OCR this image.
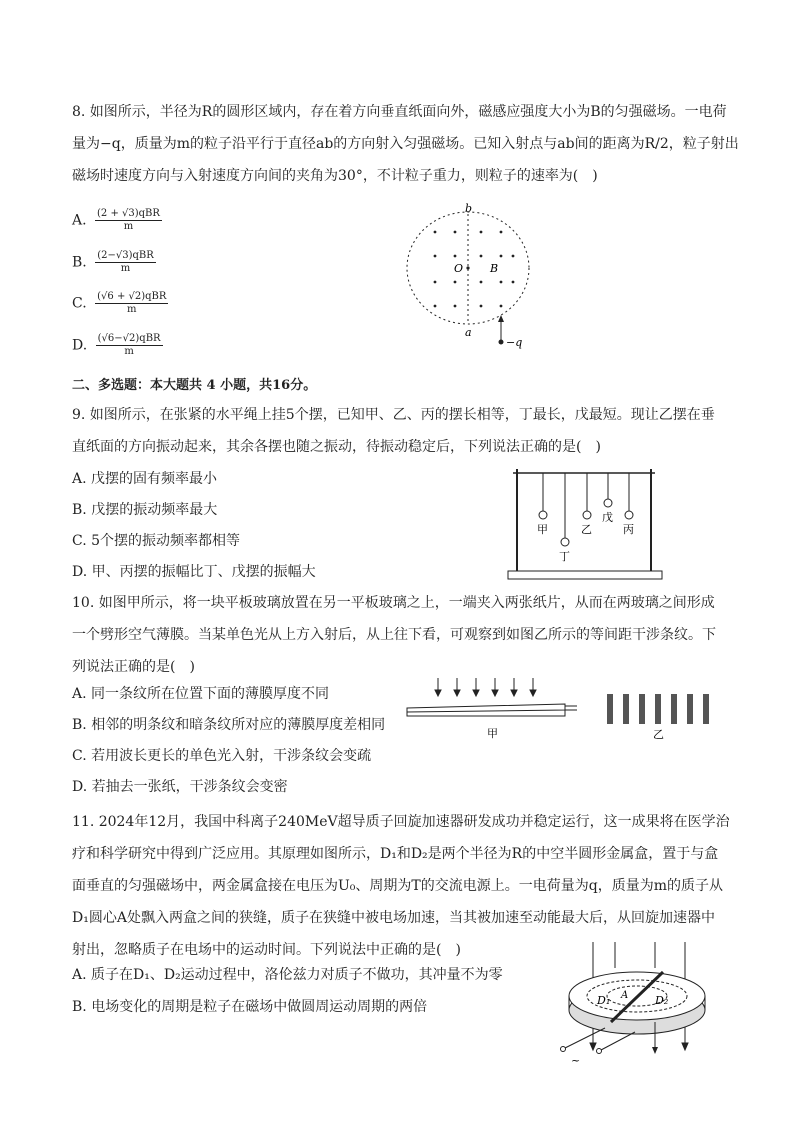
8. 如图所示，半径为R的圆形区域内，存在着方向垂直纸面向外，磁感应强度大小为B的匀强磁场。一电荷
量为−q，质量为m的粒子沿平行于直径ab的方向射入匀强磁场。已知入射点与ab间的距离为R/2，粒子射出
磁场时速度方向与入射速度方向间的夹角为30°，不计粒子重力，则粒子的速率为(　)
A. $\frac{\text{(2 + √3)qBR}}{m}$
B. $\frac{\text{(2−√3)qBR}}{m}$
C. $\frac{\text{(√6 + √2)qBR}}{m}$
D. $\frac{\text{(√6−√2)qBR}}{m}$
b
a
O B
−q
二、多选题：本大题共 4 小题，共16分。
9. 如图所示，在张紧的水平绳上挂5个摆，已知甲、乙、丙的摆长相等，丁最长，戊最短。现让乙摆在垂
直纸面的方向振动起来，其余各摆也随之振动，待振动稳定后，下列说法正确的是(　)
A. 戊摆的固有频率最小
B. 戊摆的振动频率最大
C. 5个摆的振动频率都相等
D. 甲、丙摆的振幅比丁、戊摆的振幅大
甲
丁
乙
戊
丙
10. 如图甲所示，将一块平板玻璃放置在另一平板玻璃之上，一端夹入两张纸片，从而在两玻璃之间形成
一个劈形空气薄膜。当某单色光从上方入射后，从上往下看，可观察到如图乙所示的等间距干涉条纹。下
列说法正确的是(　)
A. 同一条纹所在位置下面的薄膜厚度不同
B. 相邻的明条纹和暗条纹所对应的薄膜厚度差相同
C. 若用波长更长的单色光入射，干涉条纹会变疏
D. 若抽去一张纸，干涉条纹会变密
甲	乙
11. 2024年12月，我国中科离子240MeV超导质子回旋加速器研发成功并稳定运行，这一成果将在医学治
疗和科学研究中得到广泛应用。其原理如图所示，D₁和D₂是两个半径为R的中空半圆形金属盒，置于与盒
面垂直的匀强磁场中，两金属盒接在电压为U₀、周期为T的交流电源上。一电荷量为q，质量为m的质子从
D₁圆心A处飘入两盒之间的狭缝，质子在狭缝中被电场加速，当其被加速至动能最大后，从回旋加速器中
射出，忽略质子在电场中的运动时间。下列说法中正确的是(　)
A. 质子在D₁、D₂运动过程中，洛伦兹力对质子不做功，其冲量不为零
B. 电场变化的周期是粒子在磁场中做圆周运动周期的两倍	D₁	D₂
A
~
